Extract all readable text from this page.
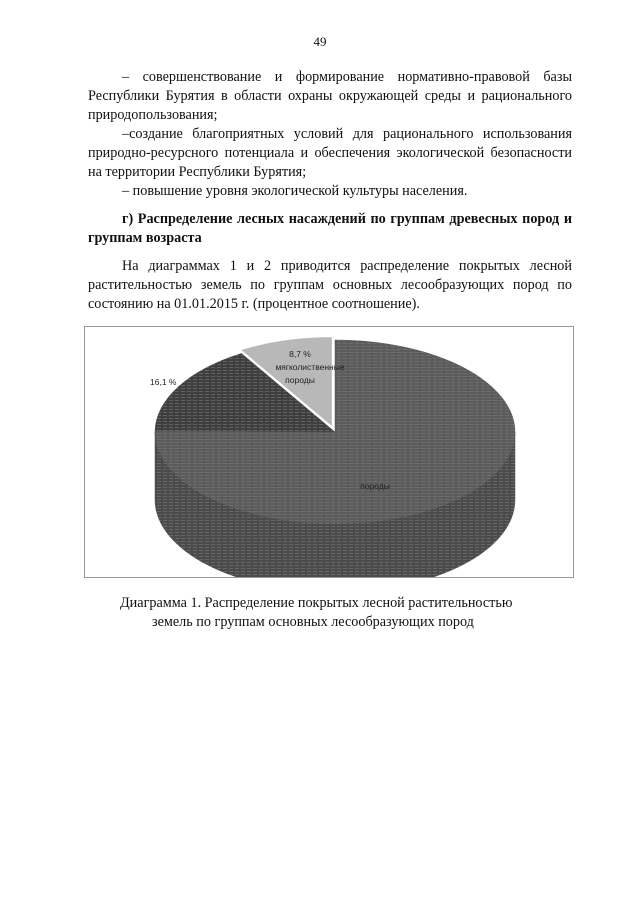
49
– совершенствование и формирование нормативно-правовой базы Республики Бурятия в области охраны окружающей среды и рационального природопользования;
–создание благоприятных условий для рационального использования природно-ресурсного потенциала и обеспечения экологической безопасности на территории Республики Бурятия;
– повышение уровня экологической культуры населения.
г) Распределение лесных насаждений по группам древесных пород и группам возраста
На диаграммах 1 и 2 приводится распределение покрытых лесной растительностью земель по группам основных лесообразующих пород по состоянию на 01.01.2015 г. (процентное соотношение).
8,7 %
мягколиственные
породы
16,1 %
породы
Диаграмма 1. Распределение покрытых лесной растительностью
земель по группам основных лесообразующих пород
